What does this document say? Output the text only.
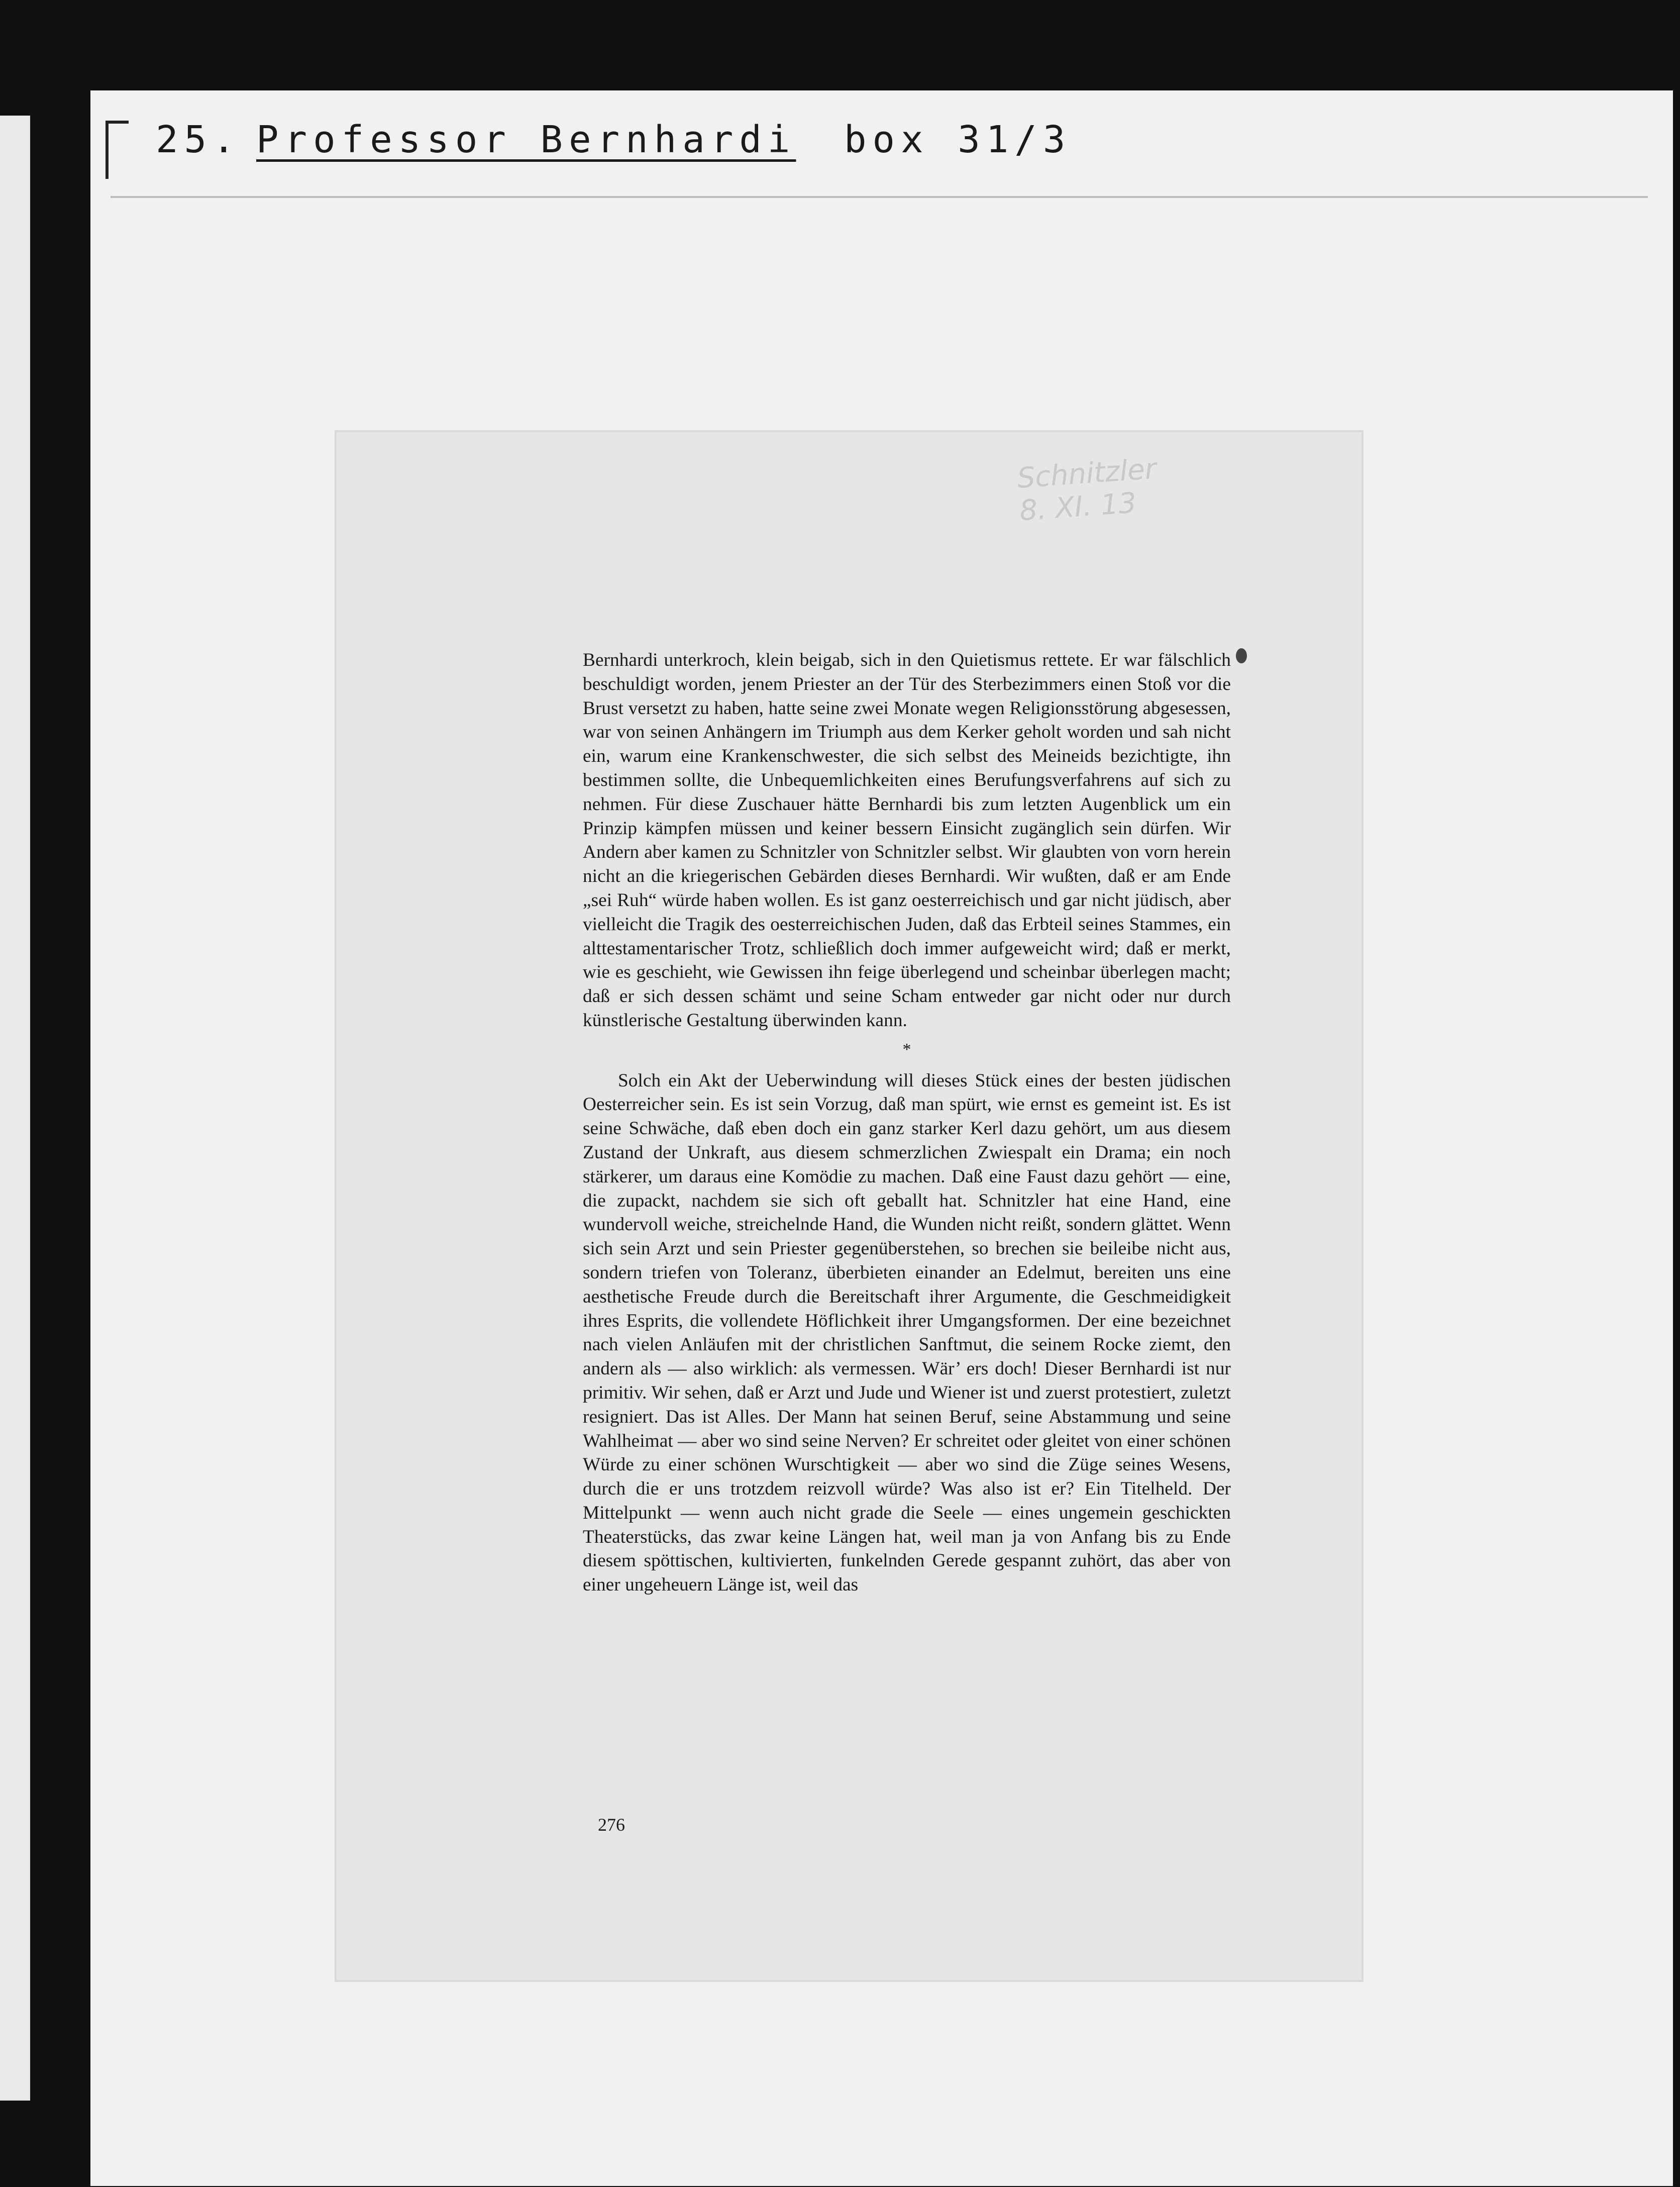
25. Professor Bernhardi box 31/3
Schnitzler
8. XI. 13

Bernhardi unterkroch, klein beigab, sich in den Quietismus rettete. Er war fälschlich beschuldigt worden, jenem Priester an der Tür des Sterbezimmers einen Stoß vor die Brust versetzt zu haben, hatte seine zwei Monate wegen Religionsstörung abgesessen, war von seinen Anhängern im Triumph aus dem Kerker geholt worden und sah nicht ein, warum eine Krankenschwester, die sich selbst des Meineids bezichtigte, ihn bestimmen sollte, die Unbequemlichkeiten eines Berufungsverfahrens auf sich zu nehmen. Für diese Zuschauer hätte Bernhardi bis zum letzten Augenblick um ein Prinzip kämpfen müssen und keiner bessern Einsicht zugänglich sein dürfen. Wir Andern aber kamen zu Schnitzler von Schnitzler selbst. Wir glaubten von vorn herein nicht an die kriegerischen Gebärden dieses Bernhardi. Wir wußten, daß er am Ende „sei Ruh“ würde haben wollen. Es ist ganz oesterreichisch und gar nicht jüdisch, aber vielleicht die Tragik des oesterreichischen Juden, daß das Erbteil seines Stammes, ein alttestamentarischer Trotz, schließlich doch immer aufgeweicht wird; daß er merkt, wie es geschieht, wie Gewissen ihn feige überlegend und scheinbar überlegen macht; daß er sich dessen schämt und seine Scham entweder gar nicht oder nur durch künstlerische Gestaltung überwinden kann.

*

Solch ein Akt der Ueberwindung will dieses Stück eines der besten jüdischen Oesterreicher sein. Es ist sein Vorzug, daß man spürt, wie ernst es gemeint ist. Es ist seine Schwäche, daß eben doch ein ganz starker Kerl dazu gehört, um aus diesem Zustand der Unkraft, aus diesem schmerzlichen Zwiespalt ein Drama; ein noch stärkerer, um daraus eine Komödie zu machen. Daß eine Faust dazu gehört — eine, die zupackt, nachdem sie sich oft geballt hat. Schnitzler hat eine Hand, eine wundervoll weiche, streichelnde Hand, die Wunden nicht reißt, sondern glättet. Wenn sich sein Arzt und sein Priester gegenüberstehen, so brechen sie beileibe nicht aus, sondern triefen von Toleranz, überbieten einander an Edelmut, bereiten uns eine aesthetische Freude durch die Bereitschaft ihrer Argumente, die Geschmeidigkeit ihres Esprits, die vollendete Höflichkeit ihrer Umgangsformen. Der eine bezeichnet nach vielen Anläufen mit der christlichen Sanftmut, die seinem Rocke ziemt, den andern als — also wirklich: als vermessen. Wär’ ers doch! Dieser Bernhardi ist nur primitiv. Wir sehen, daß er Arzt und Jude und Wiener ist und zuerst protestiert, zuletzt resigniert. Das ist Alles. Der Mann hat seinen Beruf, seine Abstammung und seine Wahlheimat — aber wo sind seine Nerven? Er schreitet oder gleitet von einer schönen Würde zu einer schönen Wurschtigkeit — aber wo sind die Züge seines Wesens, durch die er uns trotzdem reizvoll würde? Was also ist er? Ein Titelheld. Der Mittelpunkt — wenn auch nicht grade die Seele — eines ungemein geschickten Theaterstücks, das zwar keine Längen hat, weil man ja von Anfang bis zu Ende diesem spöttischen, kultivierten, funkelnden Gerede gespannt zuhört, das aber von einer ungeheuern Länge ist, weil das

276
